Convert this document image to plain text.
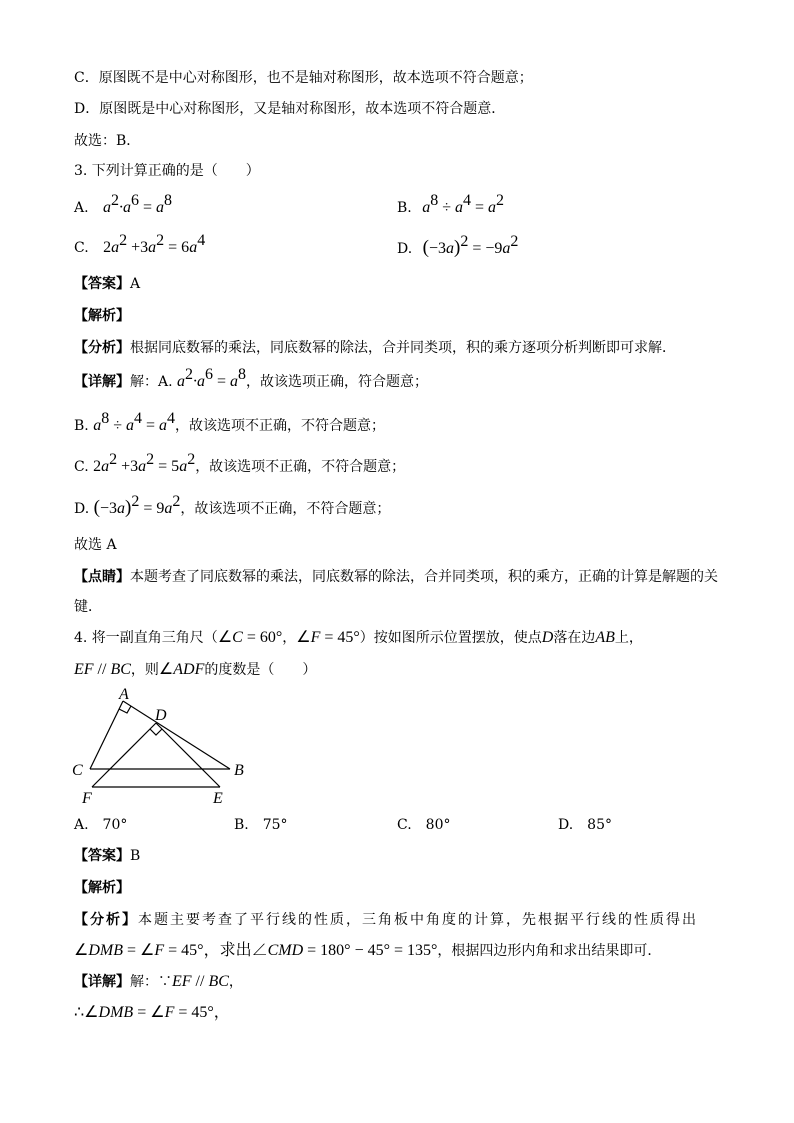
C．原图既不是中心对称图形，也不是轴对称图形，故本选项不符合题意；
D．原图既是中心对称图形，又是轴对称图形，故本选项不符合题意．
故选：B．
3. 下列计算正确的是（　　）
A. $a^2\cdot a^6 = a^8$	B. $a^8 \div a^4 = a^2$
C. $2a^2 +3a^2 = 6a^4$	D. $(-3a)^2 = -9a^2$
【答案】A
【解析】
【分析】根据同底数幂的乘法，同底数幂的除法，合并同类项，积的乘方逐项分析判断即可求解．
【详解】解：A. $a^2\cdot a^6 = a^8$，故该选项正确，符合题意；
B. $a^8 \div a^4 = a^4$，故该选项不正确，不符合题意；
C. $2a^2 +3a^2 = 5a^2$，故该选项不正确，不符合题意；
D. $(-3a)^2 = 9a^2$，故该选项不正确，不符合题意；
故选 A
【点睛】本题考查了同底数幂的乘法，同底数幂的除法，合并同类项，积的乘方，正确的计算是解题的关
键．
4. 将一副直角三角尺（∠C = 60°，∠F = 45°）按如图所示位置摆放，使点D落在边AB上，
EF // BC，则∠ADF的度数是（　　）
A
D
C	B
F	E
A.　70°	B.　75°	C.　80°	D.　85°
【答案】B
【解析】
【分析】本题主要考查了平行线的性质，三角板中角度的计算，先根据平行线的性质得出
∠DMB = ∠F = 45°，求出∠CMD = 180° − 45° = 135°，根据四边形内角和求出结果即可．
【详解】解：∵EF // BC，
∴∠DMB = ∠F = 45°，
